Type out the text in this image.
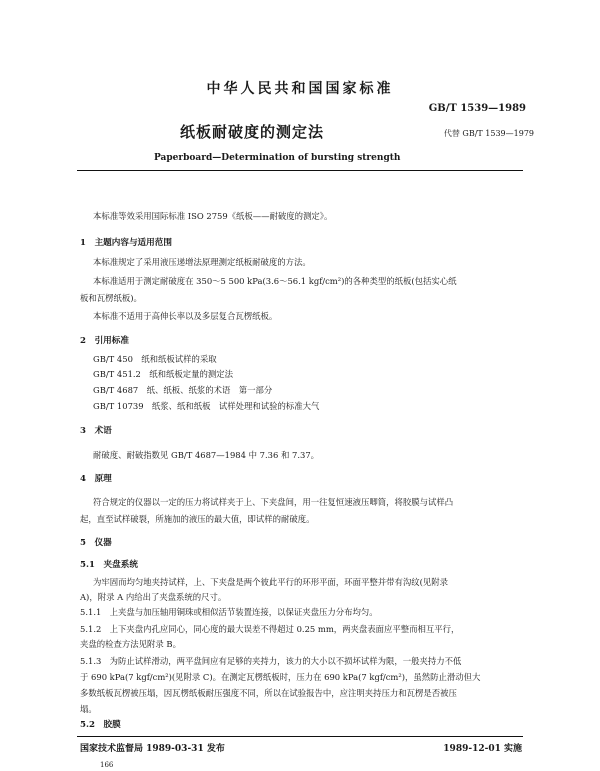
中华人民共和国国家标准
GB/T 1539—1989
纸板耐破度的测定法	代替 GB/T 1539—1979
Paperboard—Determination of bursting strength
本标准等效采用国际标准 ISO 2759《纸板——耐破度的测定》。
1　主题内容与适用范围
本标准规定了采用液压递增法原理测定纸板耐破度的方法。
本标准适用于测定耐破度在 350～5 500 kPa(3.6～56.1 kgf/cm²)的各种类型的纸板(包括实心纸
板和瓦楞纸板)。
本标准不适用于高伸长率以及多层复合瓦楞纸板。
2　引用标准
GB/T 450　纸和纸板试样的采取
GB/T 451.2　纸和纸板定量的测定法
GB/T 4687　纸、纸板、纸浆的术语　第一部分
GB/T 10739　纸浆、纸和纸板　试样处理和试验的标准大气
3　术语
耐破度、耐破指数见 GB/T 4687—1984 中 7.36 和 7.37。
4　原理
符合规定的仪器以一定的压力将试样夹于上、下夹盘间，用一往复恒速液压唧筒，将胶膜与试样凸
起，直至试样破裂，所施加的液压的最大值，即试样的耐破度。
5　仪器
5.1　夹盘系统
为牢固而均匀地夹持试样，上、下夹盘是两个彼此平行的环形平面，环面平整并带有沟纹(见附录
A)，附录 A 内给出了夹盘系统的尺寸。
5.1.1　上夹盘与加压轴用铜珠或相似活节装置连接，以保证夹盘压力分布均匀。
5.1.2　上下夹盘内孔应同心，同心度的最大误差不得超过 0.25 mm，两夹盘表面应平整而相互平行，
夹盘的检查方法见附录 B。
5.1.3　为防止试样滑动，两平盘间应有足够的夹持力，该力的大小以不损坏试样为限，一般夹持力不低
于 690 kPa(7 kgf/cm²)(见附录 C)。在测定瓦楞纸板时，压力在 690 kPa(7 kgf/cm²)，虽然防止滑动但大
多数纸板瓦楞被压塌，因瓦楞纸板耐压强度不同，所以在试验报告中，应注明夹持压力和瓦楞是否被压
塌。
5.2　胶膜
国家技术监督局 1989-03-31 发布	1989-12-01 实施
166
